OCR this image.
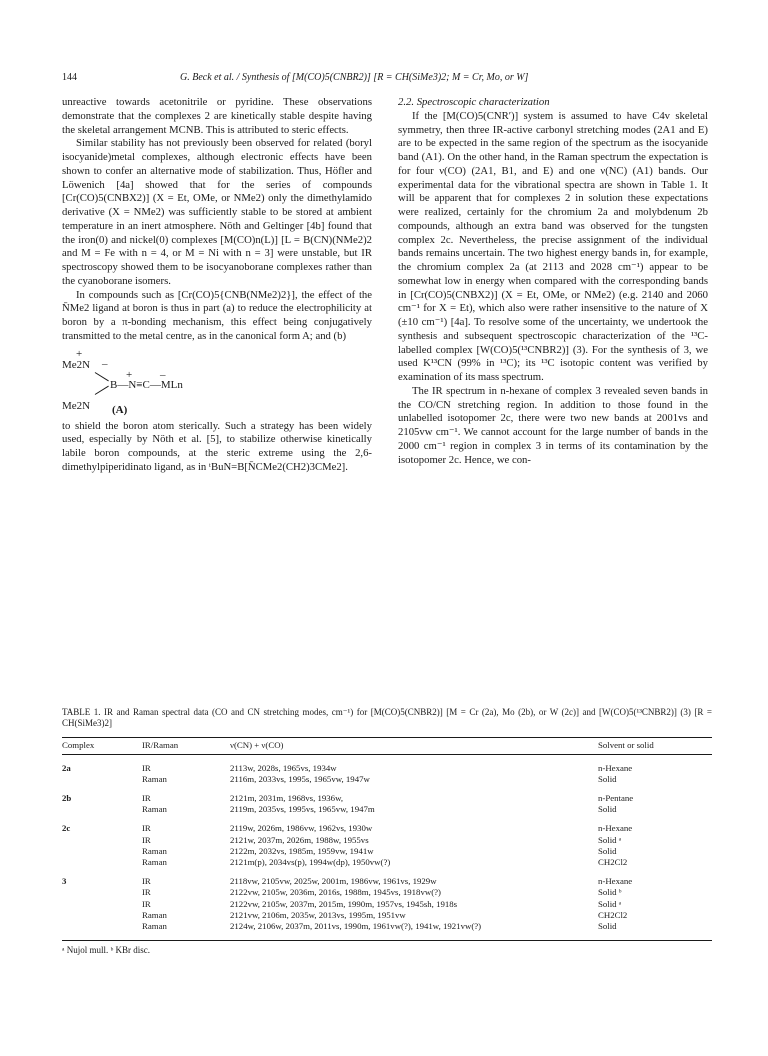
144	G. Beck et al. / Synthesis of [M(CO)5(CNBR2)] [R = CH(SiMe3)2; M = Cr, Mo, or W]

unreactive towards acetonitrile or pyridine. These observations demonstrate that the complexes 2 are kinetically stable despite having the skeletal arrangement MCNB. This is attributed to steric effects.

Similar stability has not previously been observed for related (boryl isocyanide)metal complexes, although electronic effects have been shown to confer an alternative mode of stabilization. Thus, Höfler and Löwenich [4a] showed that for the series of compounds [Cr(CO)5(CNBX2)] (X = Et, OMe, or NMe2) only the dimethylamido derivative (X = NMe2) was sufficiently stable to be stored at ambient temperature in an inert atmosphere. Nöth and Geltinger [4b] found that the iron(0) and nickel(0) complexes [M(CO)n(L)] [L = B(CN)(NMe2)2 and M = Fe with n = 4, or M = Ni with n = 3] were unstable, but IR spectroscopy showed them to be isocyanoborane complexes rather than the cyanoborane isomers.

In compounds such as [Cr(CO)5{CNB(NMe2)2}], the effect of the N̄Me2 ligand at boron is thus in part (a) to reduce the electrophilicity at boron by a π-bonding mechanism, this effect being conjugatively transmitted to the metal centre, as in the canonical form A; and (b)

+
Me2N –
+	–
B—N≡C—MLn
Me2N (A)

to shield the boron atom sterically. Such a strategy has been widely used, especially by Nöth et al. [5], to stabilize otherwise kinetically labile boron compounds, at the steric extreme using the 2,6-dimethylpiperidinato ligand, as in ᵗBuN=B[N̄CMe2(CH2)3CMe2].

2.2. Spectroscopic characterization

If the [M(CO)5(CNR′)] system is assumed to have C4v skeletal symmetry, then three IR-active carbonyl stretching modes (2A1 and E) are to be expected in the same region of the spectrum as the isocyanide band (A1). On the other hand, in the Raman spectrum the expectation is for four ν(CO) (2A1, B1, and E) and one ν(NC) (A1) bands. Our experimental data for the vibrational spectra are shown in Table 1. It will be apparent that for complexes 2 in solution these expectations were realized, certainly for the chromium 2a and molybdenum 2b compounds, although an extra band was observed for the tungsten complex 2c. Nevertheless, the precise assignment of the individual bands remains uncertain. The two highest energy bands in, for example, the chromium complex 2a (at 2113 and 2028 cm⁻¹) appear to be somewhat low in energy when compared with the corresponding bands in [Cr(CO)5(CNBX2)] (X = Et, OMe, or NMe2) (e.g. 2140 and 2060 cm⁻¹ for X = Et), which also were rather insensitive to the nature of X (±10 cm⁻¹) [4a]. To resolve some of the uncertainty, we undertook the synthesis and subsequent spectroscopic characterization of the ¹³C-labelled complex [W(CO)5(¹³CNBR2)] (3). For the synthesis of 3, we used K¹³CN (99% in ¹³C); its ¹³C isotopic content was verified by examination of its mass spectrum.

The IR spectrum in n-hexane of complex 3 revealed seven bands in the CO/CN stretching region. In addition to those found in the unlabelled isotopomer 2c, there were two new bands at 2001vs and 2105vw cm⁻¹. We cannot account for the large number of bands in the 2000 cm⁻¹ region in complex 3 in terms of its contamination by the isotopomer 2c. Hence, we con-

TABLE 1. IR and Raman spectral data (CO and CN stretching modes, cm⁻¹) for [M(CO)5(CNBR2)] [M = Cr (2a), Mo (2b), or W (2c)] and [W(CO)5(¹³CNBR2)] (3) [R = CH(SiMe3)2]

Complex	IR/Raman	ν(CN) + ν(CO)	Solvent or solid

2a	IR	2113w, 2028s, 1965vs, 1934w	n-Hexane
	Raman	2116m, 2033vs, 1995s, 1965vw, 1947w	Solid

2b	IR	2121m, 2031m, 1968vs, 1936w,	n-Pentane
	Raman	2119m, 2035vs, 1995vs, 1965vw, 1947m	Solid

2c	IR	2119w, 2026m, 1986vw, 1962vs, 1930w	n-Hexane
	IR	2121w, 2037m, 2026m, 1988w, 1955vs	Solid ᵃ
	Raman	2122m, 2032vs, 1985m, 1959vw, 1941w	Solid
	Raman	2121m(p), 2034vs(p), 1994w(dp), 1950vw(?)	CH2Cl2

3	IR	2118vw, 2105vw, 2025w, 2001m, 1986vw, 1961vs, 1929w	n-Hexane
	IR	2122vw, 2105w, 2036m, 2016s, 1988m, 1945vs, 1918vw(?)	Solid ᵇ
	IR	2122vw, 2105w, 2037m, 2015m, 1990m, 1957vs, 1945sh, 1918s	Solid ᵃ
	Raman	2121vw, 2106m, 2035w, 2013vs, 1995m, 1951vw	CH2Cl2
	Raman	2124w, 2106w, 2037m, 2011vs, 1990m, 1961vw(?), 1941w, 1921vw(?)	Solid

ᵃ Nujol mull. ᵇ KBr disc.
